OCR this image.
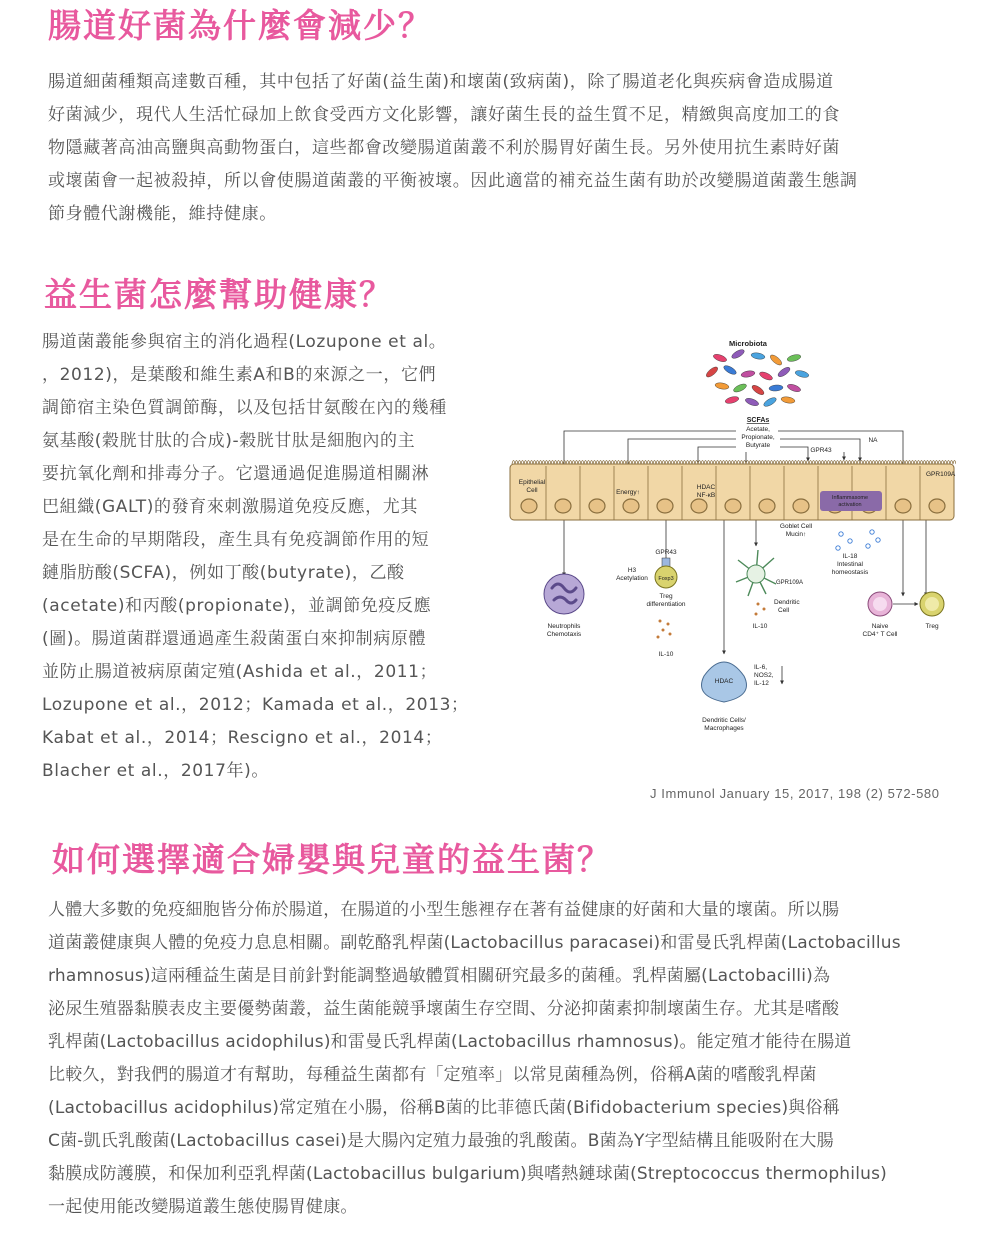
腸道好菌為什麼會減少？
腸道細菌種類高達數百種，其中包括了好菌(益生菌)和壞菌(致病菌)，除了腸道老化與疾病會造成腸道
好菌減少，現代人生活忙碌加上飲食受西方文化影響，讓好菌生長的益生質不足，精緻與高度加工的食
物隱藏著高油高鹽與高動物蛋白，這些都會改變腸道菌叢不利於腸胃好菌生長。另外使用抗生素時好菌
或壞菌會一起被殺掉，所以會使腸道菌叢的平衡被壞。因此適當的補充益生菌有助於改變腸道菌叢生態調
節身體代謝機能，維持健康。
益生菌怎麼幫助健康？
腸道菌叢能參與宿主的消化過程(Lozupone et al。
，2012)，是葉酸和維生素A和B的來源之一，它們
調節宿主染色質調節酶，以及包括甘氨酸在內的幾種
氨基酸(穀胱甘肽的合成)-穀胱甘肽是細胞內的主
要抗氧化劑和排毒分子。它還通過促進腸道相關淋
巴組織(GALT)的發育來刺激腸道免疫反應，尤其
是在生命的早期階段，產生具有免疫調節作用的短
鏈脂肪酸(SCFA)，例如丁酸(butyrate)，乙酸
(acetate)和丙酸(propionate)，並調節免疫反應
(圖)。腸道菌群還通過產生殺菌蛋白來抑制病原體
並防止腸道被病原菌定殖(Ashida et al.，2011；
Lozupone et al.，2012；Kamada et al.，2013；
Kabat et al.，2014；Rescigno et al.，2014；
Blacher et al.，2017年)。
Microbiota
SCFAs
Acetate,
Propionate,
Butyrate
NA
GPR43
Epithelial
Cell	Energy↑
HDAC
NF-κB	Inflammasome
activation
GPR109A
Goblet Cell
Mucin↑
IL-18
Intestinal
homeostasis
GPR43
Foxp3
H3
Acetylation
Treg
differentiation
IL-10
Neutrophils
Chemotaxis
GPR109A
Dendritic
Cell
IL-10	Naive
CD4⁺ T Cell
Treg
HDAC
IL-6,
NOS2,
IL-12
Dendritic Cells/
Macrophages

J Immunol January 15, 2017, 198 (2) 572-580

如何選擇適合婦嬰與兒童的益生菌？
人體大多數的免疫細胞皆分佈於腸道，在腸道的小型生態裡存在著有益健康的好菌和大量的壞菌。所以腸
道菌叢健康與人體的免疫力息息相關。副乾酪乳桿菌(Lactobacillus paracasei)和雷曼氏乳桿菌(Lactobacillus
rhamnosus)這兩種益生菌是目前針對能調整過敏體質相關研究最多的菌種。乳桿菌屬(Lactobacilli)為
泌尿生殖器黏膜表皮主要優勢菌叢，益生菌能競爭壞菌生存空間、分泌抑菌素抑制壞菌生存。尤其是嗜酸
乳桿菌(Lactobacillus acidophilus)和雷曼氏乳桿菌(Lactobacillus rhamnosus)。能定殖才能待在腸道
比較久，對我們的腸道才有幫助，每種益生菌都有「定殖率」以常見菌種為例，俗稱A菌的嗜酸乳桿菌
(Lactobacillus acidophilus)常定殖在小腸，俗稱B菌的比菲德氏菌(Bifidobacterium species)與俗稱
C菌-凱氏乳酸菌(Lactobacillus casei)是大腸內定殖力最強的乳酸菌。B菌為Y字型結構且能吸附在大腸
黏膜成防護膜，和保加利亞乳桿菌(Lactobacillus bulgarium)與嗜熱鏈球菌(Streptococcus thermophilus)
一起使用能改變腸道叢生態使腸胃健康。
